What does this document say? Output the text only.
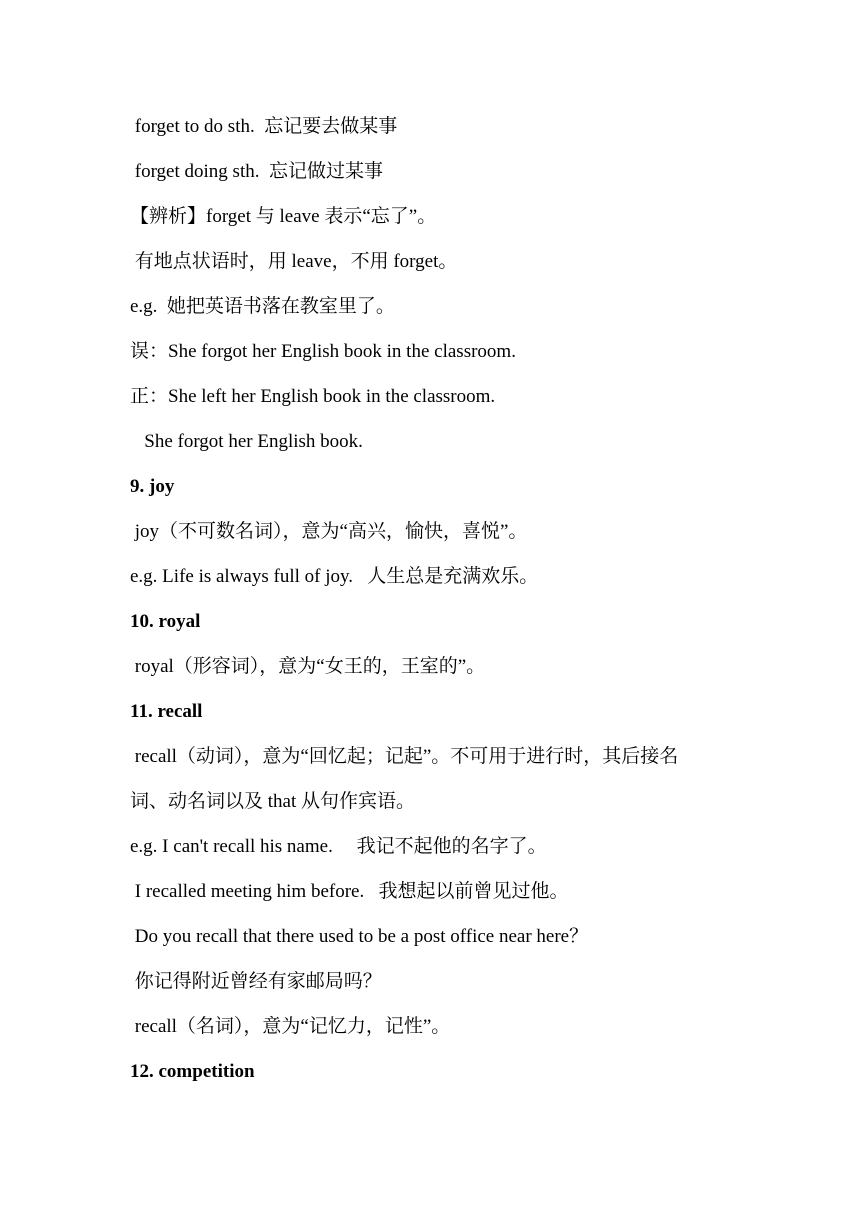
forget to do sth.  忘记要去做某事
forget doing sth.  忘记做过某事
【辨析】forget 与 leave 表示“忘了”。
有地点状语时，用 leave，不用 forget。
e.g.  她把英语书落在教室里了。
误：She forgot her English book in the classroom.
正：She left her English book in the classroom.
She forgot her English book.
9. joy
joy（不可数名词），意为“高兴，愉快，喜悦”。
e.g. Life is always full of joy.   人生总是充满欢乐。
10. royal
royal（形容词），意为“女王的，王室的”。
11. recall
recall（动词），意为“回忆起；记起”。不可用于进行时，其后接名
词、动名词以及 that 从句作宾语。
e.g. I can't recall his name.     我记不起他的名字了。
I recalled meeting him before.   我想起以前曾见过他。
Do you recall that there used to be a post office near here？
你记得附近曾经有家邮局吗？
recall（名词），意为“记忆力，记性”。
12. competition
